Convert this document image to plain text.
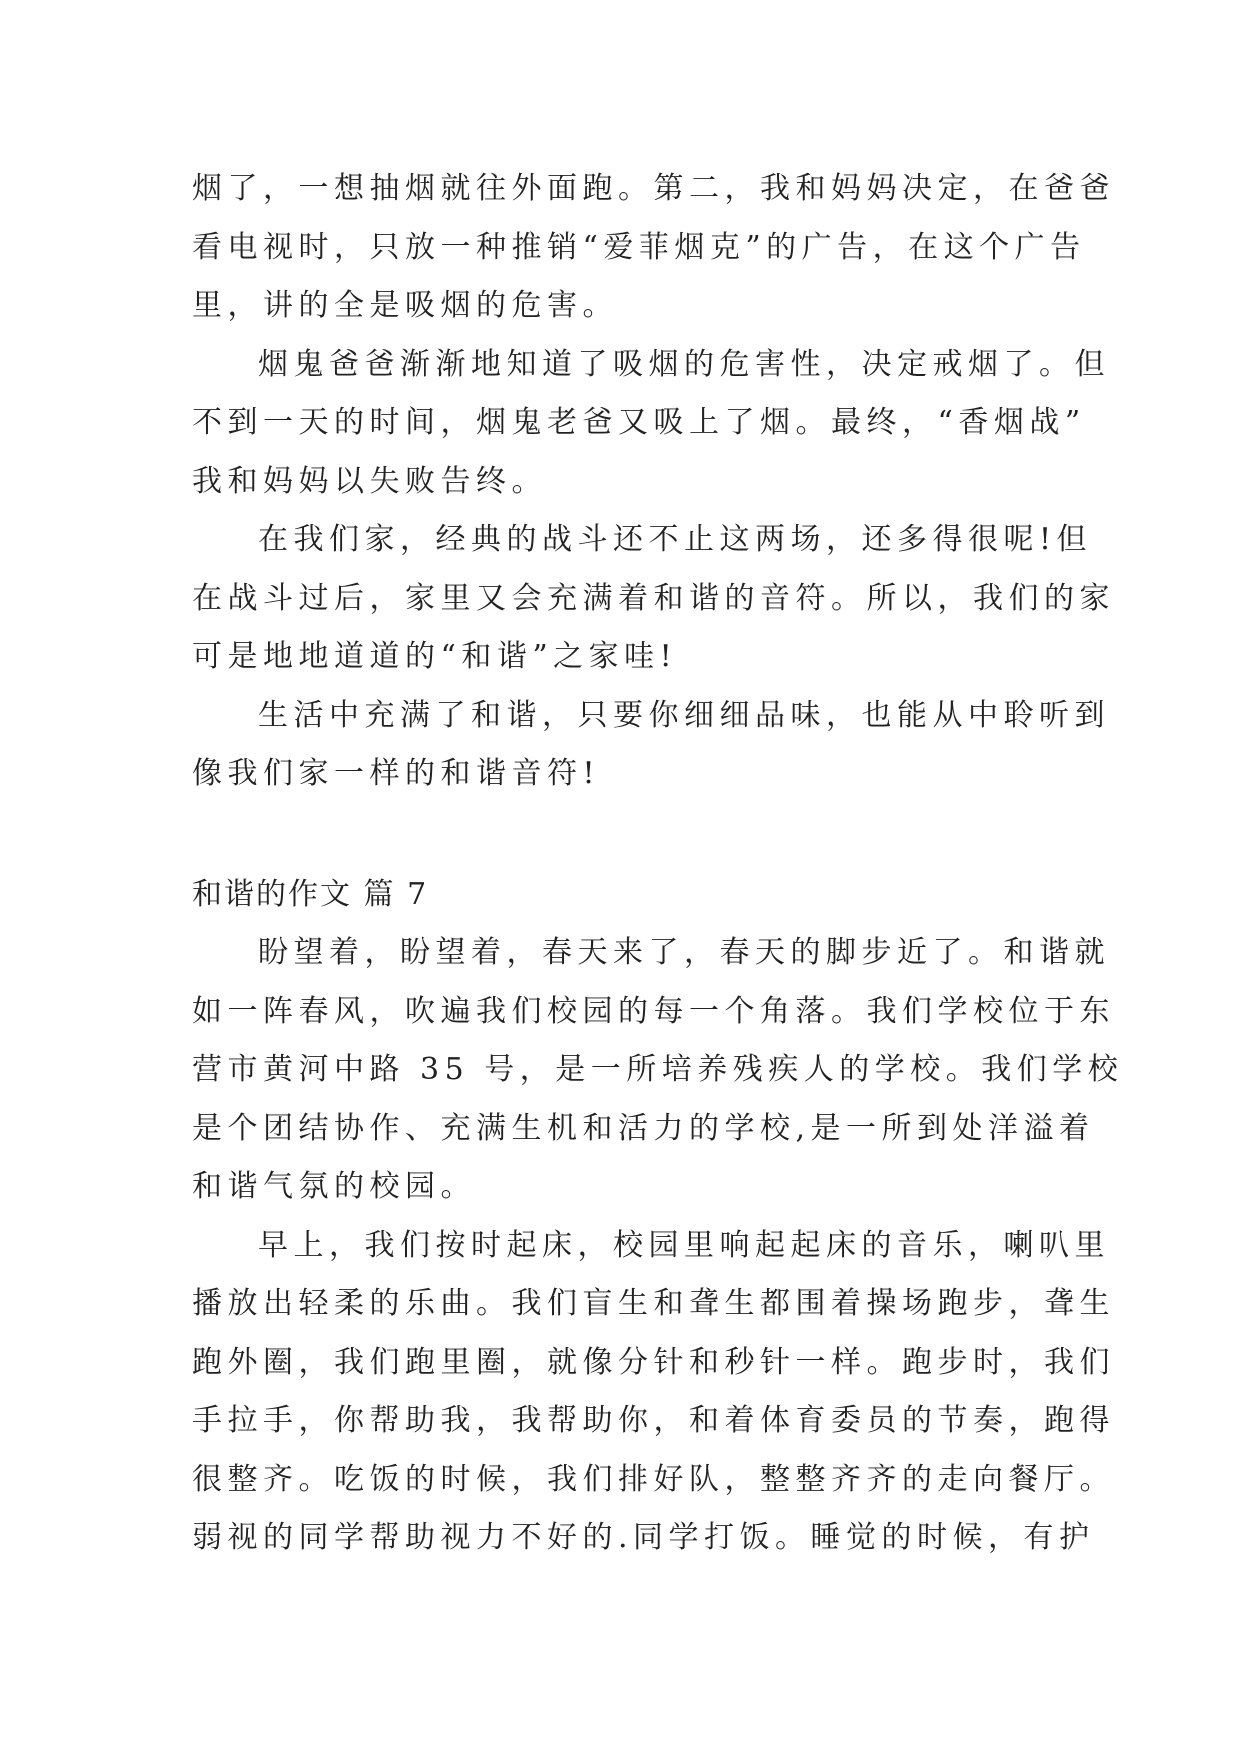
烟了，一想抽烟就往外面跑。第二，我和妈妈决定，在爸爸
看电视时，只放一种推销“爱菲烟克”的广告，在这个广告
里，讲的全是吸烟的危害。
烟鬼爸爸渐渐地知道了吸烟的危害性，决定戒烟了。但
不到一天的时间，烟鬼老爸又吸上了烟。最终，“香烟战”
我和妈妈以失败告终。
在我们家，经典的战斗还不止这两场，还多得很呢!但
在战斗过后，家里又会充满着和谐的音符。所以，我们的家
可是地地道道的“和谐”之家哇!
生活中充满了和谐，只要你细细品味，也能从中聆听到
像我们家一样的和谐音符!
和谐的作文 篇 7
盼望着，盼望着，春天来了，春天的脚步近了。和谐就
如一阵春风，吹遍我们校园的每一个角落。我们学校位于东
营市黄河中路 35 号，是一所培养残疾人的学校。我们学校
是个团结协作、充满生机和活力的学校,是一所到处洋溢着
和谐气氛的校园。
早上，我们按时起床，校园里响起起床的音乐，喇叭里
播放出轻柔的乐曲。我们盲生和聋生都围着操场跑步，聋生
跑外圈，我们跑里圈，就像分针和秒针一样。跑步时，我们
手拉手，你帮助我，我帮助你，和着体育委员的节奏，跑得
很整齐。吃饭的时候，我们排好队，整整齐齐的走向餐厅。
弱视的同学帮助视力不好的.同学打饭。睡觉的时候，有护
